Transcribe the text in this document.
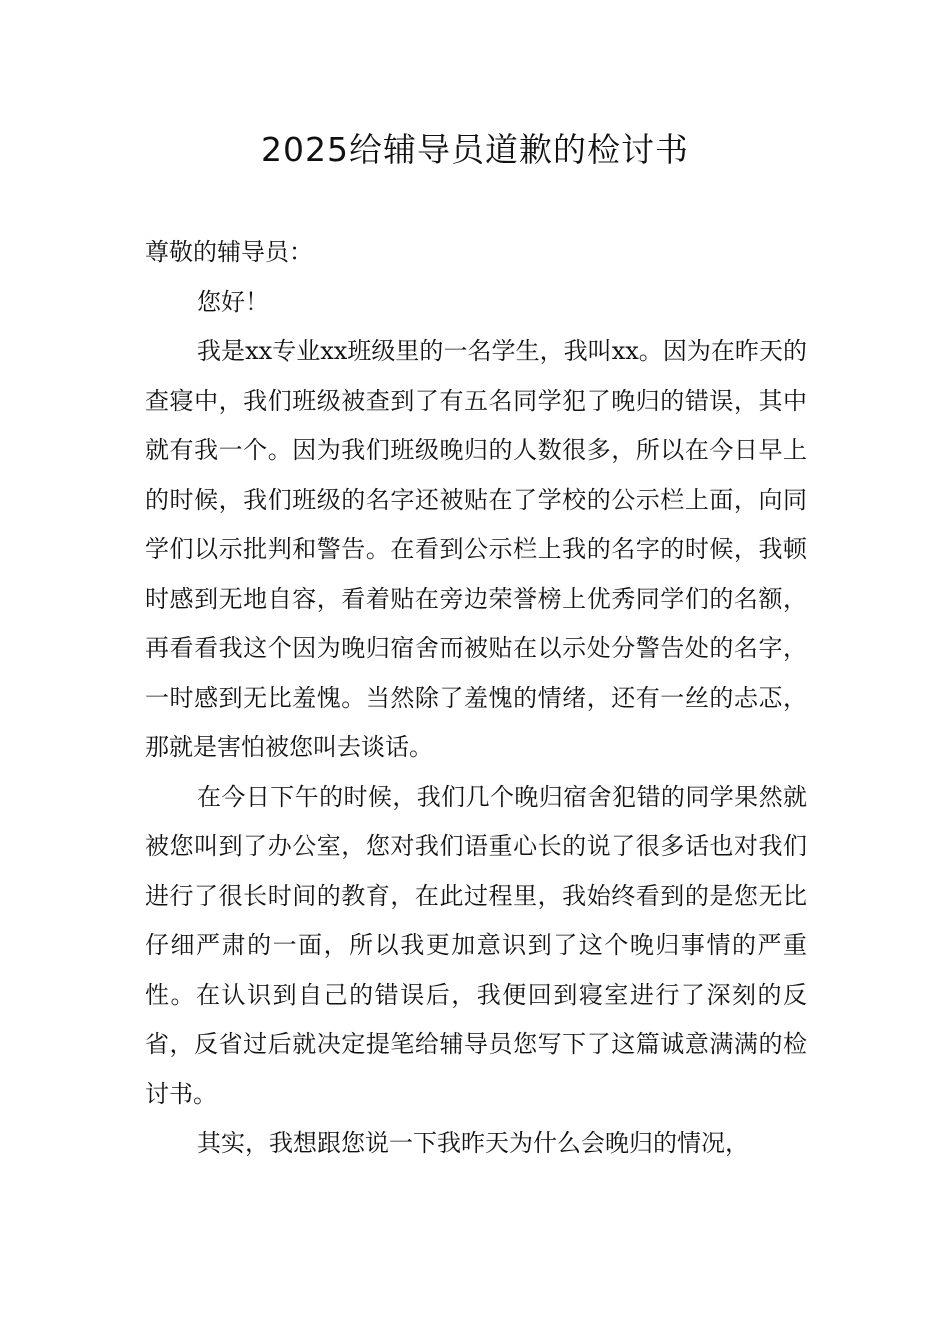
2025给辅导员道歉的检讨书

尊敬的辅导员：

您好！

我是xx专业xx班级里的一名学生，我叫xx。因为在昨天的查寝中，我们班级被查到了有五名同学犯了晚归的错误，其中就有我一个。因为我们班级晚归的人数很多，所以在今日早上的时候，我们班级的名字还被贴在了学校的公示栏上面，向同学们以示批判和警告。在看到公示栏上我的名字的时候，我顿时感到无地自容，看着贴在旁边荣誉榜上优秀同学们的名额，再看看我这个因为晚归宿舍而被贴在以示处分警告处的名字，一时感到无比羞愧。当然除了羞愧的情绪，还有一丝的忐忑，那就是害怕被您叫去谈话。

在今日下午的时候，我们几个晚归宿舍犯错的同学果然就被您叫到了办公室，您对我们语重心长的说了很多话也对我们进行了很长时间的教育，在此过程里，我始终看到的是您无比仔细严肃的一面，所以我更加意识到了这个晚归事情的严重性。在认识到自己的错误后，我便回到寝室进行了深刻的反省，反省过后就决定提笔给辅导员您写下了这篇诚意满满的检讨书。

其实，我想跟您说一下我昨天为什么会晚归的情况，
